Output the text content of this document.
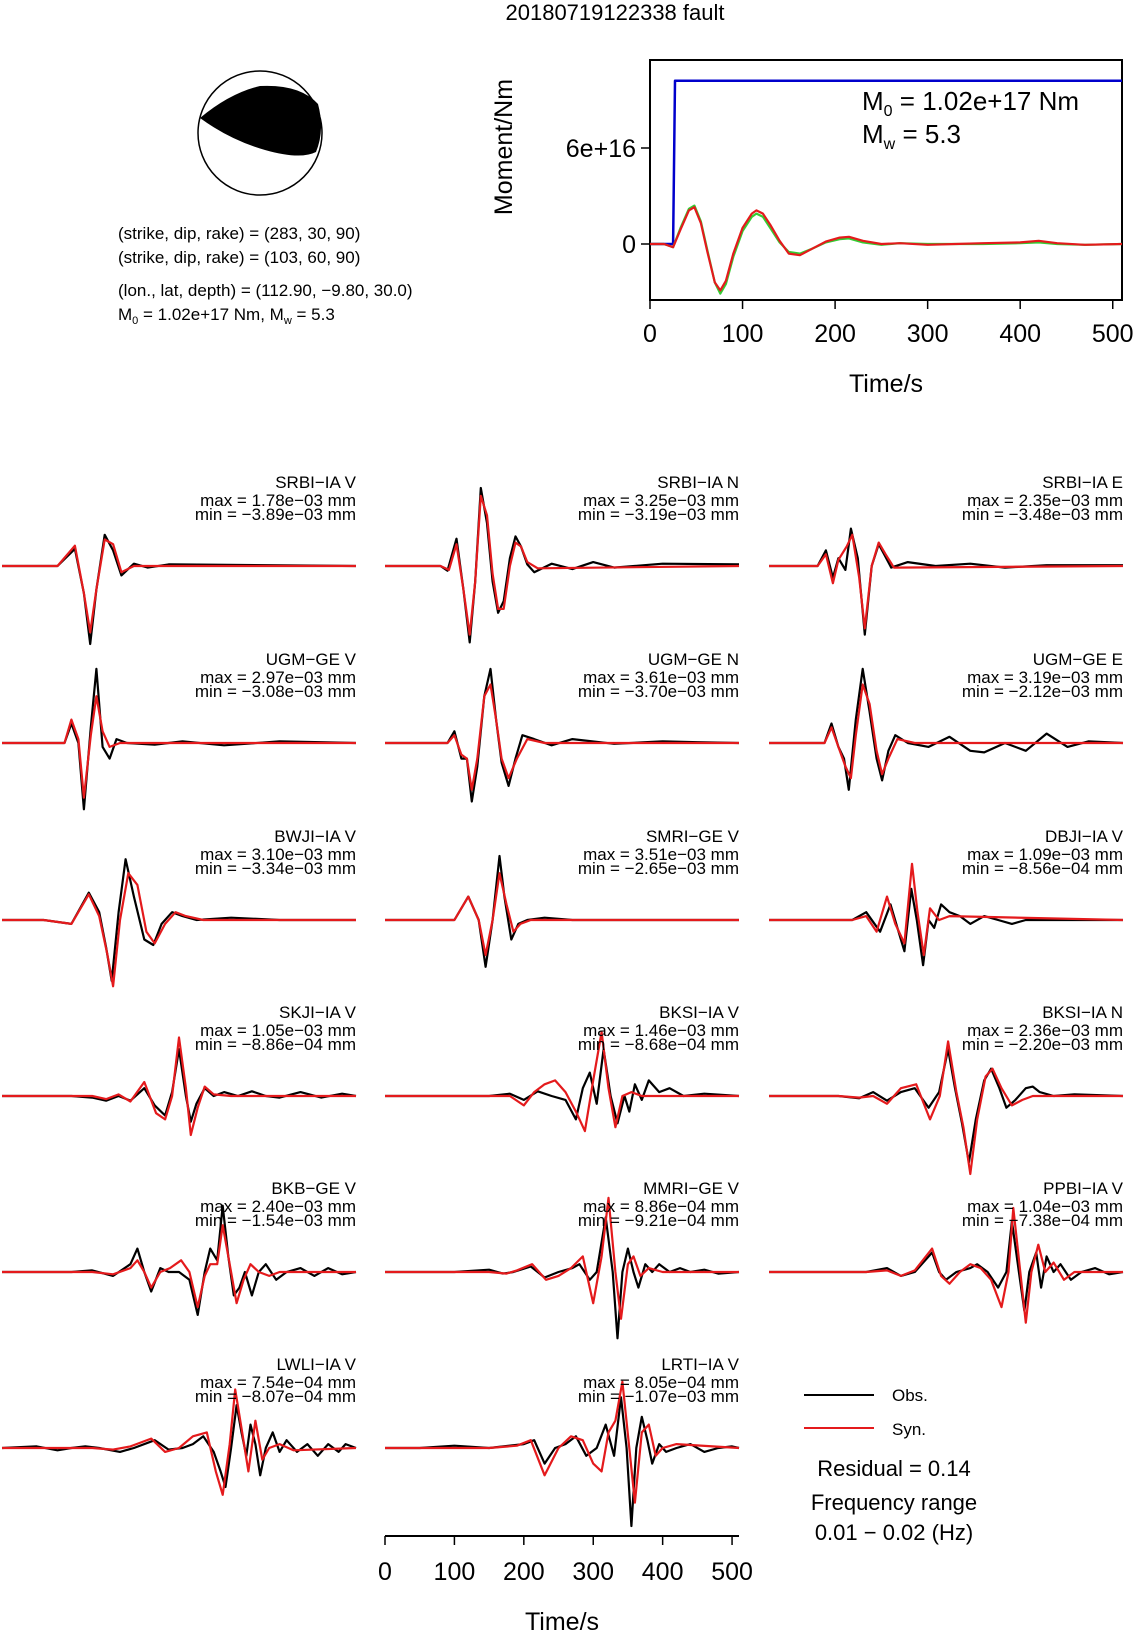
20180719122338 fault
(strike, dip, rake) = (283, 30, 90)
(strike, dip, rake) = (103, 60, 90)
(lon., lat, depth) = (112.90, −9.80, 30.0)
$M_0 = 1.02e+17$ Nm, $M_w = 5.3$
0	100 200 300 400 500
0
6e+16
Moment/Nm
Time/s
$M_0 = 1.02e+17$ Nm
$M_w = 5.3$
SRBI−IA V
max = 1.78e−03 mm
min = −3.89e−03 mm
SRBI−IA N
max = 3.25e−03 mm
min = −3.19e−03 mm
SRBI−IA E
max = 2.35e−03 mm
min = −3.48e−03 mm
UGM−GE V
max = 2.97e−03 mm
min = −3.08e−03 mm
UGM−GE N
max = 3.61e−03 mm
min = −3.70e−03 mm
UGM−GE E
max = 3.19e−03 mm
min = −2.12e−03 mm
BWJI−IA V
max = 3.10e−03 mm
min = −3.34e−03 mm
SMRI−GE V
max = 3.51e−03 mm
min = −2.65e−03 mm
DBJI−IA V
max = 1.09e−03 mm
min = −8.56e−04 mm
SKJI−IA V
max = 1.05e−03 mm
min = −8.86e−04 mm
BKSI−IA V
max = 1.46e−03 mm
min = −8.68e−04 mm
BKSI−IA N
max = 2.36e−03 mm
min = −2.20e−03 mm
BKB−GE V
max = 2.40e−03 mm
min = −1.54e−03 mm
MMRI−GE V
max = 8.86e−04 mm
min = −9.21e−04 mm
PPBI−IA V
max = 1.04e−03 mm
min = −7.38e−04 mm
LWLI−IA V
max = 7.54e−04 mm
min = −8.07e−04 mm
LRTI−IA V
max = 8.05e−04 mm
min = −1.07e−03 mm
0 100 200 300 400 500
Time/s
Obs.
Syn.
Residual = 0.14
Frequency range
0.01 − 0.02 (Hz)
